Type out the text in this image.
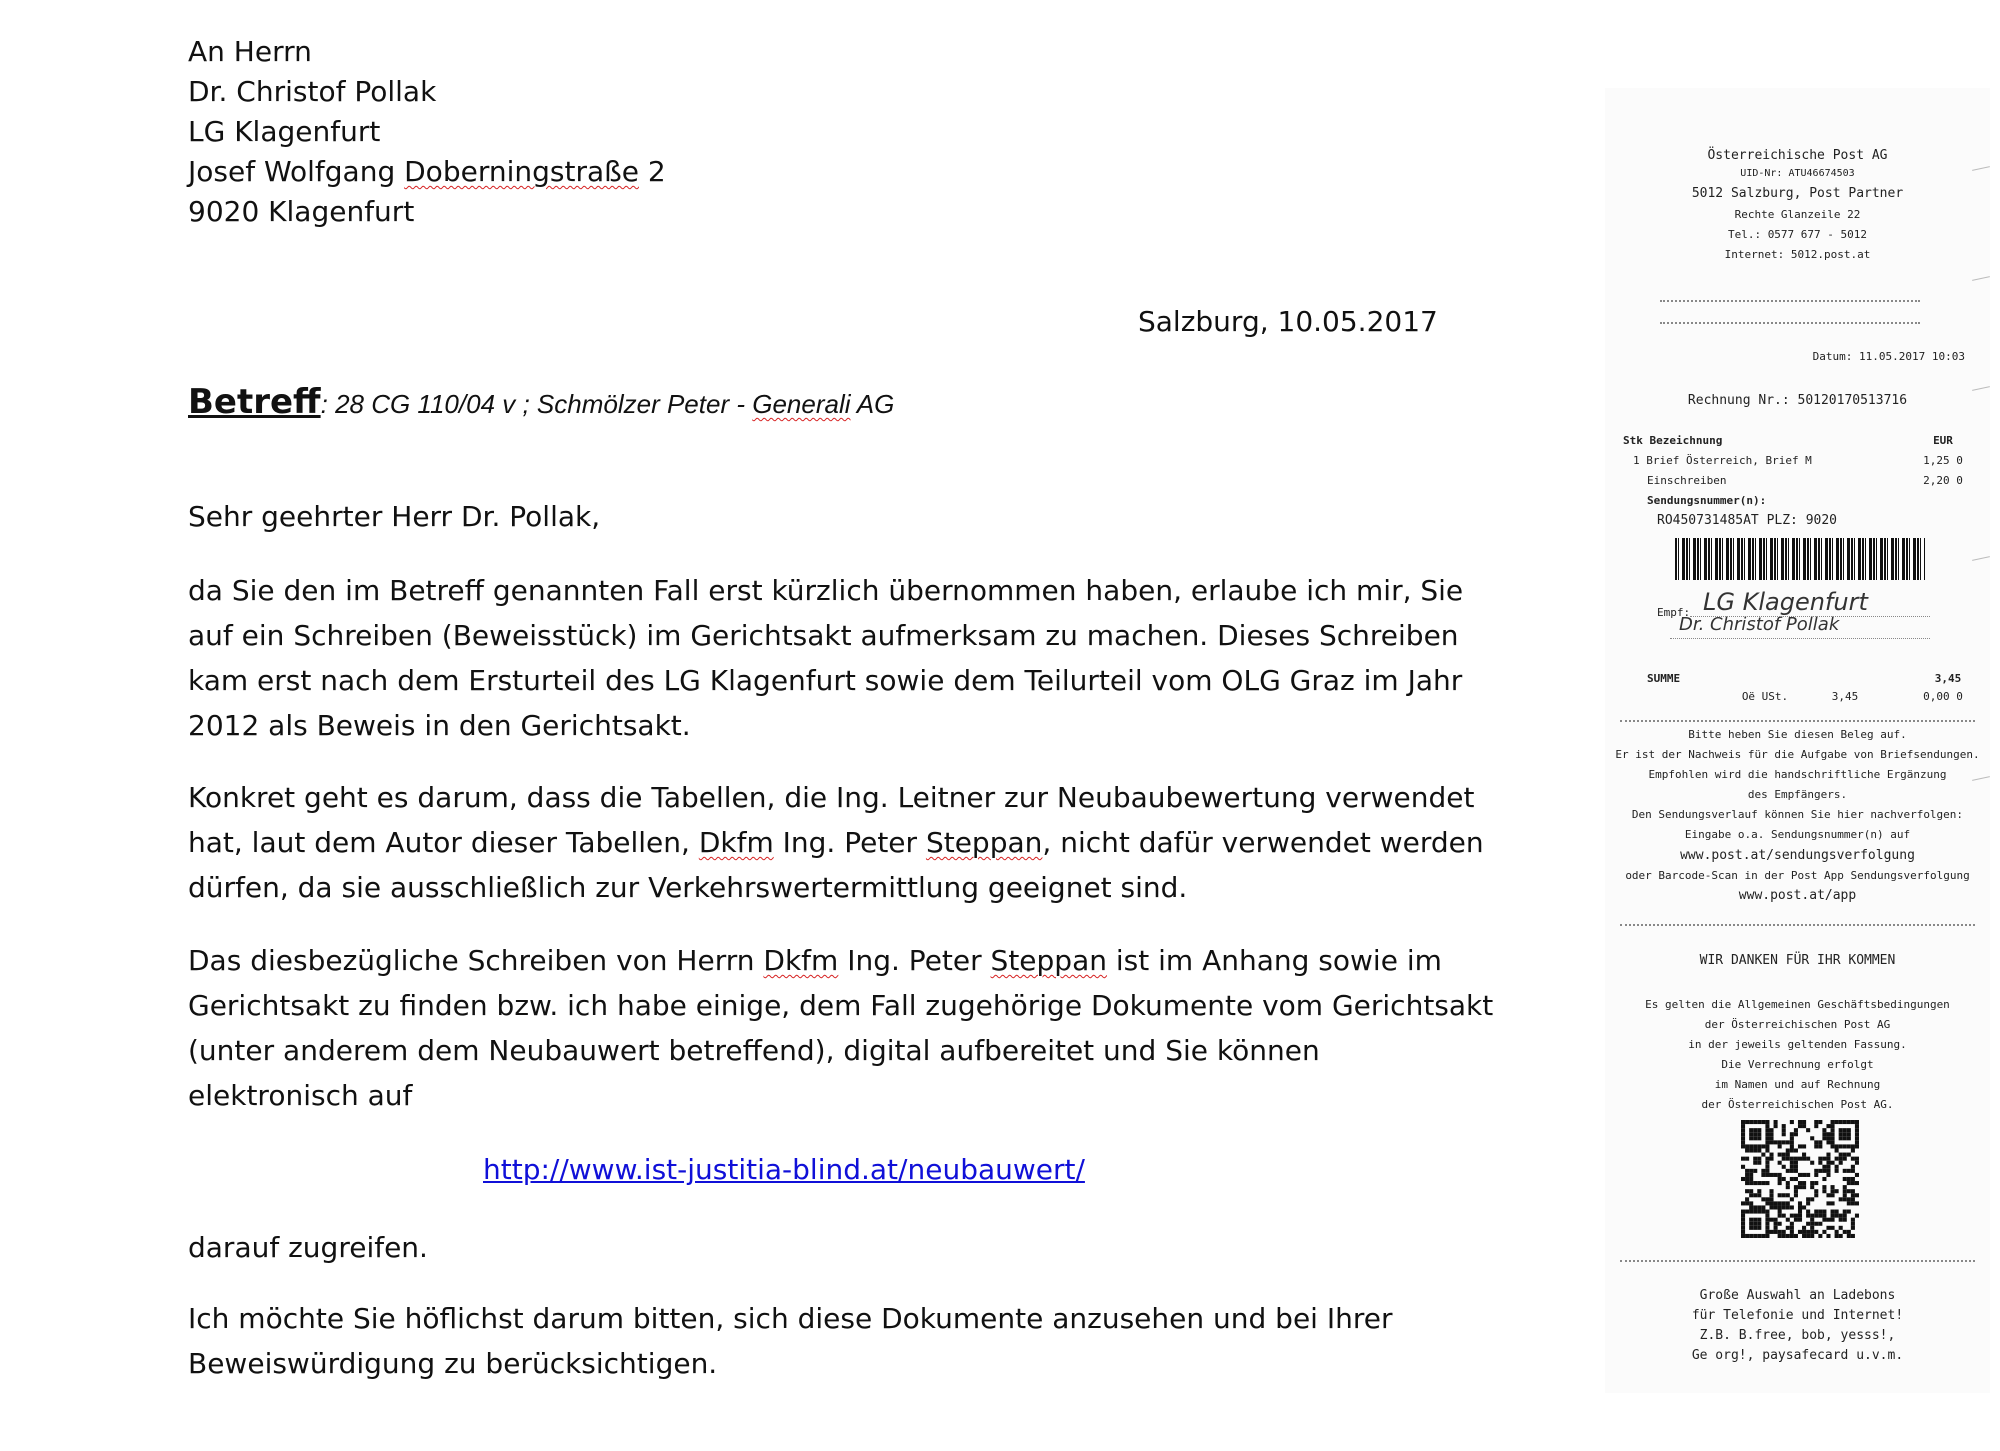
An Herrn
Dr. Christof Pollak
LG Klagenfurt
Josef Wolfgang Doberningstraße 2
9020 Klagenfurt
Salzburg, 10.05.2017
Betreff: 28 CG 110/04 v ; Schmölzer Peter - Generali AG
Sehr geehrter Herr Dr. Pollak,
da Sie den im Betreff genannten Fall erst kürzlich übernommen haben, erlaube ich mir, Sie
auf ein Schreiben (Beweisstück) im Gerichtsakt aufmerksam zu machen. Dieses Schreiben
kam erst nach dem Ersturteil des LG Klagenfurt sowie dem Teilurteil vom OLG Graz im Jahr
2012 als Beweis in den Gerichtsakt.
Konkret geht es darum, dass die Tabellen, die Ing. Leitner zur Neubaubewertung verwendet
hat, laut dem Autor dieser Tabellen, Dkfm Ing. Peter Steppan, nicht dafür verwendet werden
dürfen, da sie ausschließlich zur Verkehrswertermittlung geeignet sind.
Das diesbezügliche Schreiben von Herrn Dkfm Ing. Peter Steppan ist im Anhang sowie im
Gerichtsakt zu finden bzw. ich habe einige, dem Fall zugehörige Dokumente vom Gerichtsakt
(unter anderem dem Neubauwert betreffend), digital aufbereitet und Sie können
elektronisch auf
http://www.ist-justitia-blind.at/neubauwert/
darauf zugreifen.
Ich möchte Sie höflichst darum bitten, sich diese Dokumente anzusehen und bei Ihrer
Beweiswürdigung zu berücksichtigen.
Österreichische Post AG
UID-Nr: ATU46674503
5012 Salzburg, Post Partner
Rechte Glanzeile 22
Tel.: 0577 677 - 5012
Internet: 5012.post.at
Datum: 11.05.2017 10:03
Rechnung Nr.: 50120170513716
Stk Bezeichnung	EUR
1 Brief Österreich, Brief M	1,25 0
Einschreiben	2,20 0
Sendungsnummer(n):
RO450731485AT PLZ: 9020
Empf: LG Klagenfurt
Dr. Christof Pollak
SUMME	3,45
Oë USt.	3,45	0,00 0
Bitte heben Sie diesen Beleg auf.
Er ist der Nachweis für die Aufgabe von Briefsendungen.
Empfohlen wird die handschriftliche Ergänzung
des Empfängers.
Den Sendungsverlauf können Sie hier nachverfolgen:
Eingabe o.a. Sendungsnummer(n) auf
www.post.at/sendungsverfolgung
oder Barcode-Scan in der Post App Sendungsverfolgung
www.post.at/app
WIR DANKEN FÜR IHR KOMMEN
Es gelten die Allgemeinen Geschäftsbedingungen
der Österreichischen Post AG
in der jeweils geltenden Fassung.
Die Verrechnung erfolgt
im Namen und auf Rechnung
der Österreichischen Post AG.
Große Auswahl an Ladebons
für Telefonie und Internet!
Z.B. B.free, bob, yesss!,
Ge org!, paysafecard u.v.m.
